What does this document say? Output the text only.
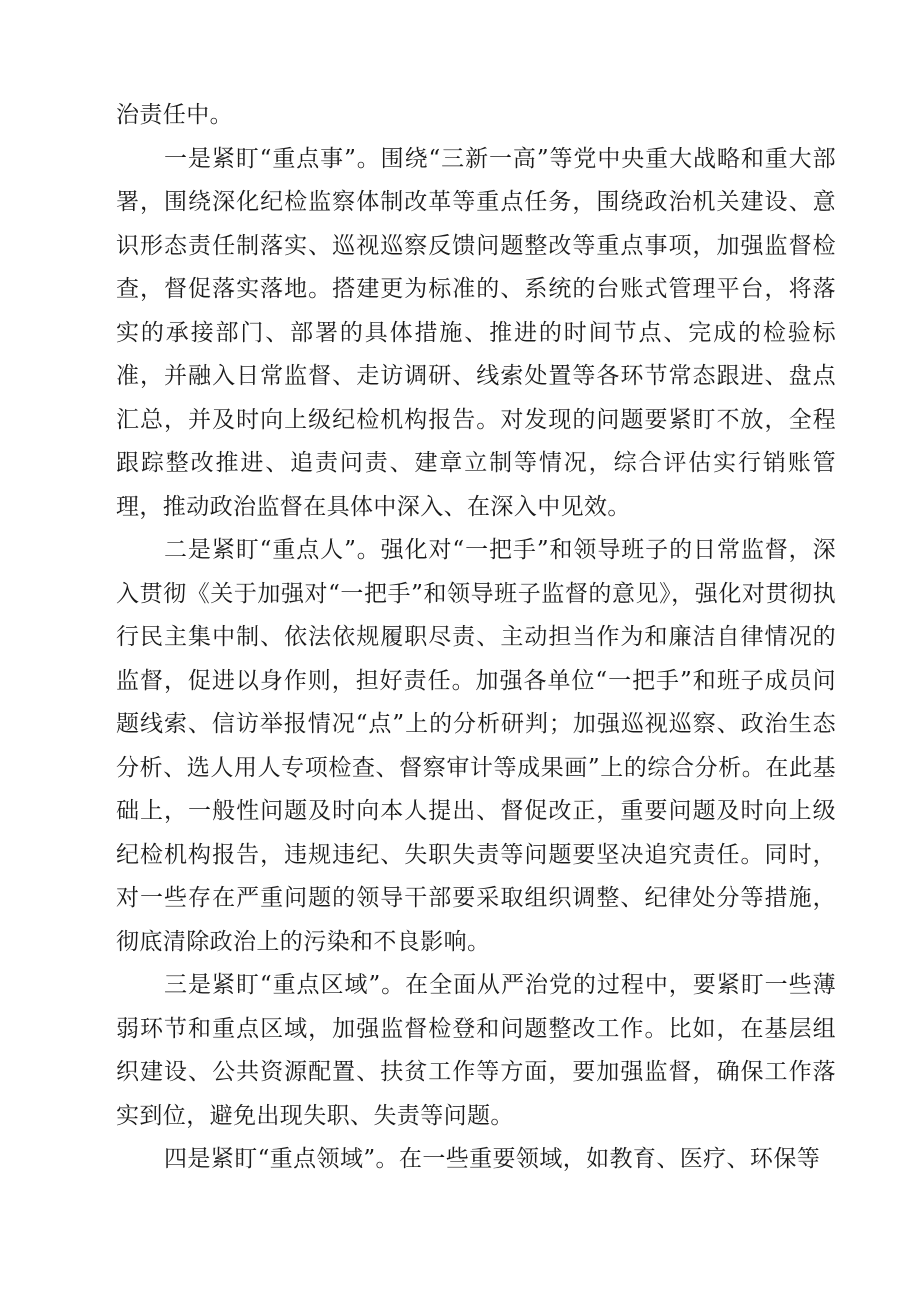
治责任中。

一是紧盯“重点事”。围绕“三新一高”等党中央重大战略和重大部署，围绕深化纪检监察体制改革等重点任务，围绕政治机关建设、意识形态责任制落实、巡视巡察反馈问题整改等重点事项，加强监督检查，督促落实落地。搭建更为标准的、系统的台账式管理平台，将落实的承接部门、部署的具体措施、推进的时间节点、完成的检验标准，并融入日常监督、走访调研、线索处置等各环节常态跟进、盘点汇总，并及时向上级纪检机构报告。对发现的问题要紧盯不放，全程跟踪整改推进、追责问责、建章立制等情况，综合评估实行销账管理，推动政治监督在具体中深入、在深入中见效。

二是紧盯“重点人”。强化对“一把手”和领导班子的日常监督，深入贯彻《关于加强对“一把手”和领导班子监督的意见》，强化对贯彻执行民主集中制、依法依规履职尽责、主动担当作为和廉洁自律情况的监督，促进以身作则，担好责任。加强各单位“一把手”和班子成员问题线索、信访举报情况“点”上的分析研判；加强巡视巡察、政治生态分析、选人用人专项检查、督察审计等成果画”上的综合分析。在此基础上，一般性问题及时向本人提出、督促改正，重要问题及时向上级纪检机构报告，违规违纪、失职失责等问题要坚决追究责任。同时，对一些存在严重问题的领导干部要采取组织调整、纪律处分等措施，彻底清除政治上的污染和不良影响。

三是紧盯“重点区域”。在全面从严治党的过程中，要紧盯一些薄弱环节和重点区域，加强监督检登和问题整改工作。比如，在基层组织建设、公共资源配置、扶贫工作等方面，要加强监督，确保工作落实到位，避免出现失职、失责等问题。

四是紧盯“重点领域”。在一些重要领域，如教育、医疗、环保等
